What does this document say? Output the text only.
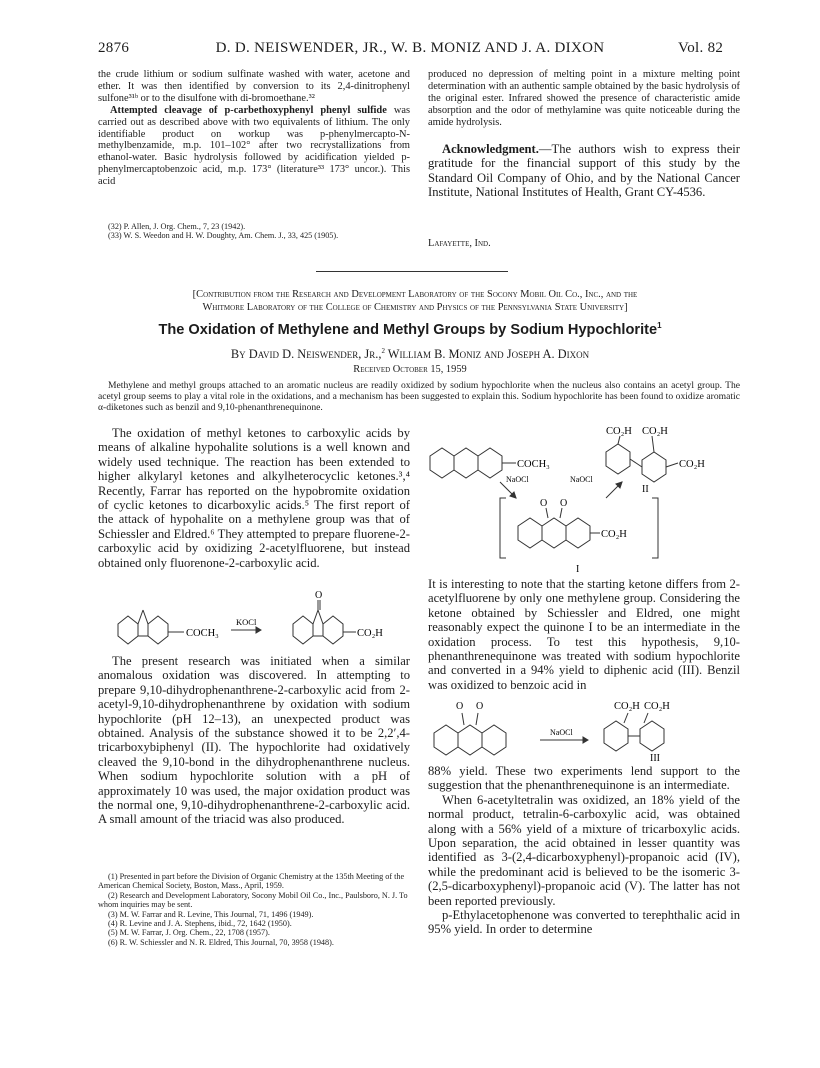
2876	D. D. NEISWENDER, JR., W. B. MONIZ AND J. A. DIXON	Vol. 82

the crude lithium or sodium sulfinate washed with water, acetone and ether. It was then identified by conversion to its 2,4-dinitrophenyl sulfone³¹ᵇ or to the disulfone with di-bromoethane.³²

Attempted cleavage of p-carbethoxyphenyl phenyl sulfide was carried out as described above with two equivalents of lithium. The only identifiable product on workup was p-phenylmercapto-N-methylbenzamide, m.p. 101–102° after two recrystallizations from ethanol-water. Basic hydrolysis followed by acidification yielded p-phenylmercaptobenzoic acid, m.p. 173° (literature³³ 173° uncor.). This acid

(32) P. Allen, J. Org. Chem., 7, 23 (1942).

(33) W. S. Weedon and H. W. Doughty, Am. Chem. J., 33, 425 (1905).

produced no depression of melting point in a mixture melting point determination with an authentic sample obtained by the basic hydrolysis of the original ester. Infrared showed the presence of characteristic amide absorption and the odor of methylamine was quite noticeable during the amide hydrolysis.

Acknowledgment.—The authors wish to express their gratitude for the financial support of this study by the Standard Oil Company of Ohio, and by the National Cancer Institute, National Institutes of Health, Grant CY-4536.

Lafayette, Ind.
[Contribution from the Research and Development Laboratory of the Socony Mobil Oil Co., Inc., and the
Whitmore Laboratory of the College of Chemistry and Physics of the Pennsylvania State University]
The Oxidation of Methylene and Methyl Groups by Sodium Hypochlorite$^1$
By David D. Neiswender, Jr.,$^2$ William B. Moniz and Joseph A. Dixon
Received October 15, 1959
Methylene and methyl groups attached to an aromatic nucleus are readily oxidized by sodium hypochlorite when the nucleus also contains an acetyl group. The acetyl group seems to play a vital role in the oxidations, and a mechanism has been suggested to explain this. Sodium hypochlorite has been found to oxidize aromatic α-diketones such as benzil and 9,10-phenanthrenequinone.

The oxidation of methyl ketones to carboxylic acids by means of alkaline hypohalite solutions is a well known and widely used technique. The reaction has been extended to higher alkylaryl ketones and alkylheterocyclic ketones.³,⁴ Recently, Farrar has reported on the hypobromite oxidation of cyclic ketones to dicarboxylic acids.⁵ The first report of the attack of hypohalite on a methylene group was that of Schiessler and Eldred.⁶ They attempted to prepare fluorene-2-carboxylic acid by oxidizing 2-acetylfluorene, but instead obtained only fluorenone-2-carboxylic acid.

COCH₃
KOCl
O
CO₂H

The present research was initiated when a similar anomalous oxidation was discovered. In attempting to prepare 9,10-dihydrophenanthrene-2-carboxylic acid from 2-acetyl-9,10-dihydrophenanthrene by oxidation with sodium hypochlorite (pH 12–13), an unexpected product was obtained. Analysis of the substance showed it to be 2,2′,4-tricarboxybiphenyl (II). The hypochlorite had oxidatively cleaved the 9,10-bond in the dihydrophenanthrene nucleus. When sodium hypochlorite solution with a pH of approximately 10 was used, the major oxidation product was the normal one, 9,10-dihydrophenanthrene-2-carboxylic acid. A small amount of the triacid was also produced.

(1) Presented in part before the Division of Organic Chemistry at the 135th Meeting of the American Chemical Society, Boston, Mass., April, 1959.

(2) Research and Development Laboratory, Socony Mobil Oil Co., Inc., Paulsboro, N. J. To whom inquiries may be sent.

(3) M. W. Farrar and R. Levine, This Journal, 71, 1496 (1949).

(4) R. Levine and J. A. Stephens, ibid., 72, 1642 (1950).

(5) M. W. Farrar, J. Org. Chem., 22, 1708 (1957).

(6) R. W. Schiessler and N. R. Eldred, This Journal, 70, 3958 (1948).

COCH₃
NaOCl	NaOCl
CO₂H CO₂H
CO₂H
II
O O
CO₂H
I

It is interesting to note that the starting ketone differs from 2-acetylfluorene by only one methylene group. Considering the ketone obtained by Schiessler and Eldred, one might reasonably expect the quinone I to be an intermediate in the oxidation process. To test this hypothesis, 9,10-phenanthrenequinone was treated with sodium hypochlorite and converted in a 94% yield to diphenic acid (III). Benzil was oxidized to benzoic acid in

O O
NaOCl
CO₂H CO₂H
III

88% yield. These two experiments lend support to the suggestion that the phenanthrenequinone is an intermediate.

When 6-acetyltetralin was oxidized, an 18% yield of the normal product, tetralin-6-carboxylic acid, was obtained along with a 56% yield of a mixture of tricarboxylic acids. Upon separation, the acid obtained in lesser quantity was identified as 3-(2,4-dicarboxyphenyl)-propanoic acid (IV), while the predominant acid is believed to be the isomeric 3-(2,5-dicarboxyphenyl)-propanoic acid (V). The latter has not been reported previously.

p-Ethylacetophenone was converted to terephthalic acid in 95% yield. In order to determine
